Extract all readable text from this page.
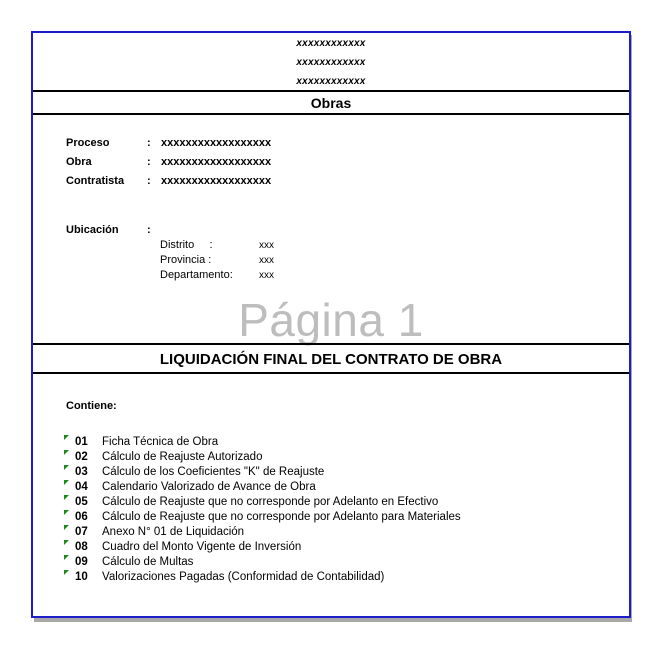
xxxxxxxxxxxx
xxxxxxxxxxxx
xxxxxxxxxxxx
Obras
Proceso	: xxxxxxxxxxxxxxxxxx
Obra	: xxxxxxxxxxxxxxxxxx
Contratista : xxxxxxxxxxxxxxxxxx
Ubicación	:
Distrito     :	xxx
Provincia :	xxx
Departamento:	xxx
Página 1
LIQUIDACIÓN FINAL DEL CONTRATO DE OBRA
Contiene:
01 Ficha Técnica de Obra
02 Cálculo de Reajuste Autorizado
03 Cálculo de los Coeficientes "K" de Reajuste
04 Calendario Valorizado de Avance de Obra
05 Cálculo de Reajuste que no corresponde por Adelanto en Efectivo
06 Cálculo de Reajuste que no corresponde por Adelanto para Materiales
07 Anexo N° 01 de Liquidación
08 Cuadro del Monto Vigente de Inversión
09 Cálculo de Multas
10 Valorizaciones Pagadas (Conformidad de Contabilidad)
